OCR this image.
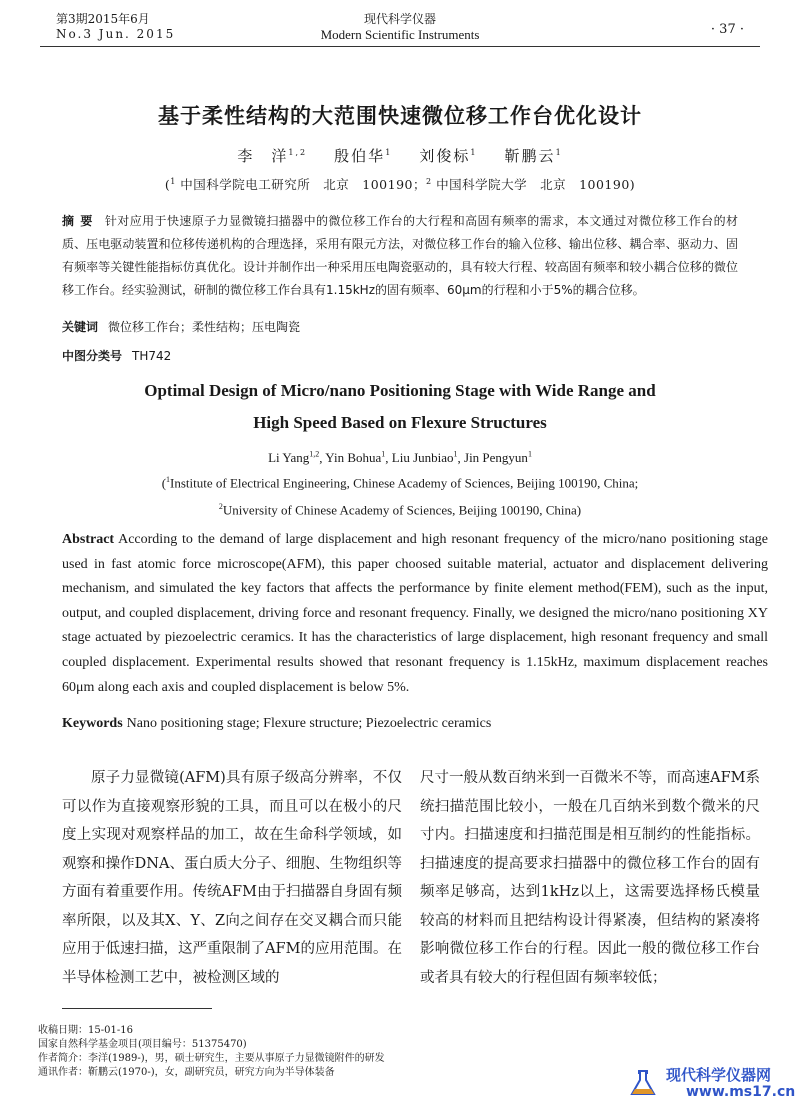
第3期2015年6月
No.3 Jun. 2015
现代科学仪器
Modern Scientific Instruments	· 37 ·
基于柔性结构的大范围快速微位移工作台优化设计
李　洋$^{1,2}$ 殷伯华$^1$ 刘俊标$^1$ 靳鹏云$^1$
($^1$ 中国科学院电工研究所　北京　100190；$^2$ 中国科学院大学　北京　100190)
摘要 针对应用于快速原子力显微镜扫描器中的微位移工作台的大行程和高固有频率的需求，本文通过对微位移工作台的材质、压电驱动装置和位移传递机构的合理选择，采用有限元方法，对微位移工作台的输入位移、输出位移、耦合率、驱动力、固有频率等关键性能指标仿真优化。设计并制作出一种采用压电陶瓷驱动的，具有较大行程、较高固有频率和较小耦合位移的微位移工作台。经实验测试，研制的微位移工作台具有1.15kHz的固有频率、60μm的行程和小于5%的耦合位移。
关键词 微位移工作台；柔性结构；压电陶瓷
中图分类号 TH742
Optimal Design of Micro/nano Positioning Stage with Wide Range and
High Speed Based on Flexure Structures
Li Yang$^{1,2}$, Yin Bohua$^1$, Liu Junbiao$^1$, Jin Pengyun$^1$
($^1$Institute of Electrical Engineering, Chinese Academy of Sciences, Beijing 100190, China;
$^2$University of Chinese Academy of Sciences, Beijing 100190, China)
Abstract According to the demand of large displacement and high resonant frequency of the micro/nano positioning stage used in fast atomic force microscope(AFM), this paper choosed suitable material, actuator and displacement delivering mechanism, and simulated the key factors that affects the performance by finite element method(FEM), such as the input, output, and coupled displacement, driving force and resonant frequency. Finally, we designed the micro/nano positioning XY stage actuated by piezoelectric ceramics. It has the characteristics of large displacement, high resonant frequency and small coupled displacement. Experimental results showed that resonant frequency is 1.15kHz, maximum displacement reaches 60μm along each axis and coupled displacement is below 5%.
Keywords Nano positioning stage; Flexure structure; Piezoelectric ceramics
原子力显微镜(AFM)具有原子级高分辨率，不仅可以作为直接观察形貌的工具，而且可以在极小的尺度上实现对观察样品的加工，故在生命科学领域，如观察和操作DNA、蛋白质大分子、细胞、生物组织等方面有着重要作用。传统AFM由于扫描器自身固有频率所限，以及其X、Y、Z向之间存在交叉耦合而只能应用于低速扫描，这严重限制了AFM的应用范围。在半导体检测工艺中，被检测区域的
尺寸一般从数百纳米到一百微米不等，而高速AFM系统扫描范围比较小，一般在几百纳米到数个微米的尺寸内。扫描速度和扫描范围是相互制约的性能指标。扫描速度的提高要求扫描器中的微位移工作台的固有频率足够高，达到1kHz以上，这需要选择杨氏模量较高的材料而且把结构设计得紧凑，但结构的紧凑将影响微位移工作台的行程。因此一般的微位移工作台或者具有较大的行程但固有频率较低；
收稿日期：15-01-16
国家自然科学基金项目(项目编号：51375470)
作者简介：李洋(1989-)，男，硕士研究生，主要从事原子力显微镜附件的研发
通讯作者：靳鹏云(1970-)，女，副研究员，研究方向为半导体装备	现代科学仪器网
www.ms17.cn
